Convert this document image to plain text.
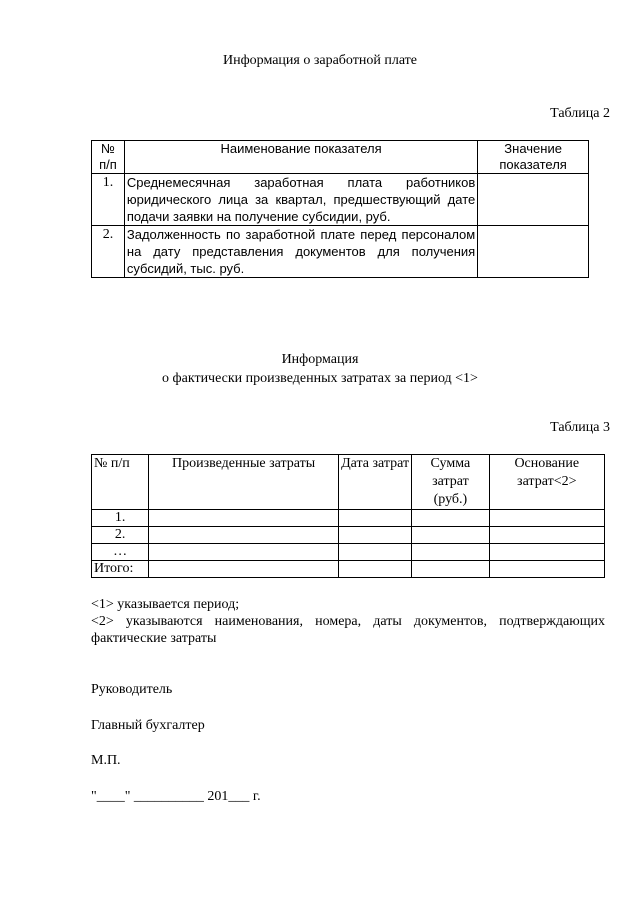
Информация о заработной плате
Таблица 2
№ п/п	Наименование показателя	Значение показателя
1.	Среднемесячная заработная плата работников юридического лица за квартал, предшествующий дате подачи заявки на получение субсидии, руб.	
2.	Задолженность по заработной плате перед персоналом на дату представления документов для получения субсидий, тыс. руб.	
Информация
о фактически произведенных затратах за период <1>
Таблица 3
№ п/п	Произведенные затраты	Дата затрат	Сумма затрат (руб.)	Основание затрат<2>
1.				
2.				
…				
Итого:				
<1> указывается период;
<2> указываются наименования, номера, даты документов, подтверждающих фактические затраты
Руководитель
Главный бухгалтер
М.П.
"____" __________ 201___ г.
